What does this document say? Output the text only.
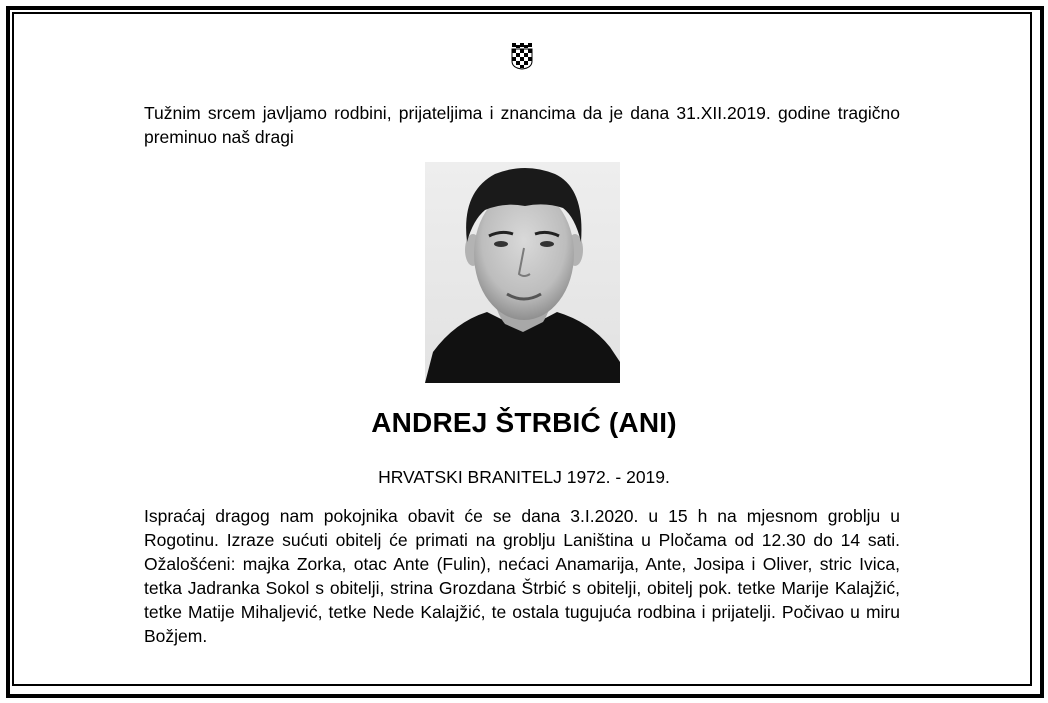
Tužnim srcem javljamo rodbini, prijateljima i znancima da je dana 31.XII.2019. godine tragično preminuo naš dragi

ANDREJ ŠTRBIĆ (ANI)

HRVATSKI BRANITELJ 1972. - 2019.

Ispraćaj dragog nam pokojnika obavit će se dana 3.I.2020. u 15 h na mjesnom groblju u Rogotinu. Izraze sućuti obitelj će primati na groblju Laniština u Pločama od 12.30 do 14 sati. Ožalošćeni: majka Zorka, otac Ante (Fulin), nećaci Anamarija, Ante, Josipa i Oliver, stric Ivica, tetka Jadranka Sokol s obitelji, strina Grozdana Štrbić s obitelji, obitelj pok. tetke Marije Kalajžić, tetke Matije Mihaljević, tetke Nede Kalajžić, te ostala tugujuća rodbina i prijatelji. Počivao u miru Božjem.
